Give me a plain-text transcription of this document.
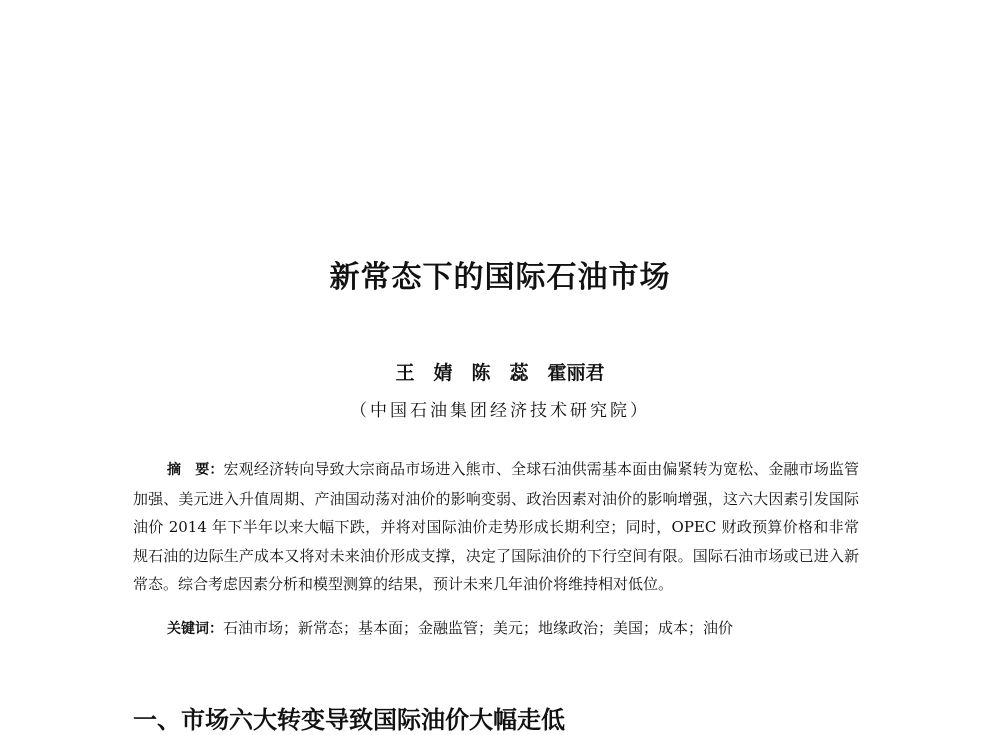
新常态下的国际石油市场
王　婧　陈　蕊　霍丽君
（中国石油集团经济技术研究院）
摘　要：宏观经济转向导致大宗商品市场进入熊市、全球石油供需基本面由偏紧转为宽松、金融市场监管加强、美元进入升值周期、产油国动荡对油价的影响变弱、政治因素对油价的影响增强，这六大因素引发国际油价 2014 年下半年以来大幅下跌，并将对国际油价走势形成长期利空；同时，OPEC 财政预算价格和非常规石油的边际生产成本又将对未来油价形成支撑，决定了国际油价的下行空间有限。国际石油市场或已进入新常态。综合考虑因素分析和模型测算的结果，预计未来几年油价将维持相对低位。
关键词：石油市场；新常态；基本面；金融监管；美元；地缘政治；美国；成本；油价
一、市场六大转变导致国际油价大幅走低
